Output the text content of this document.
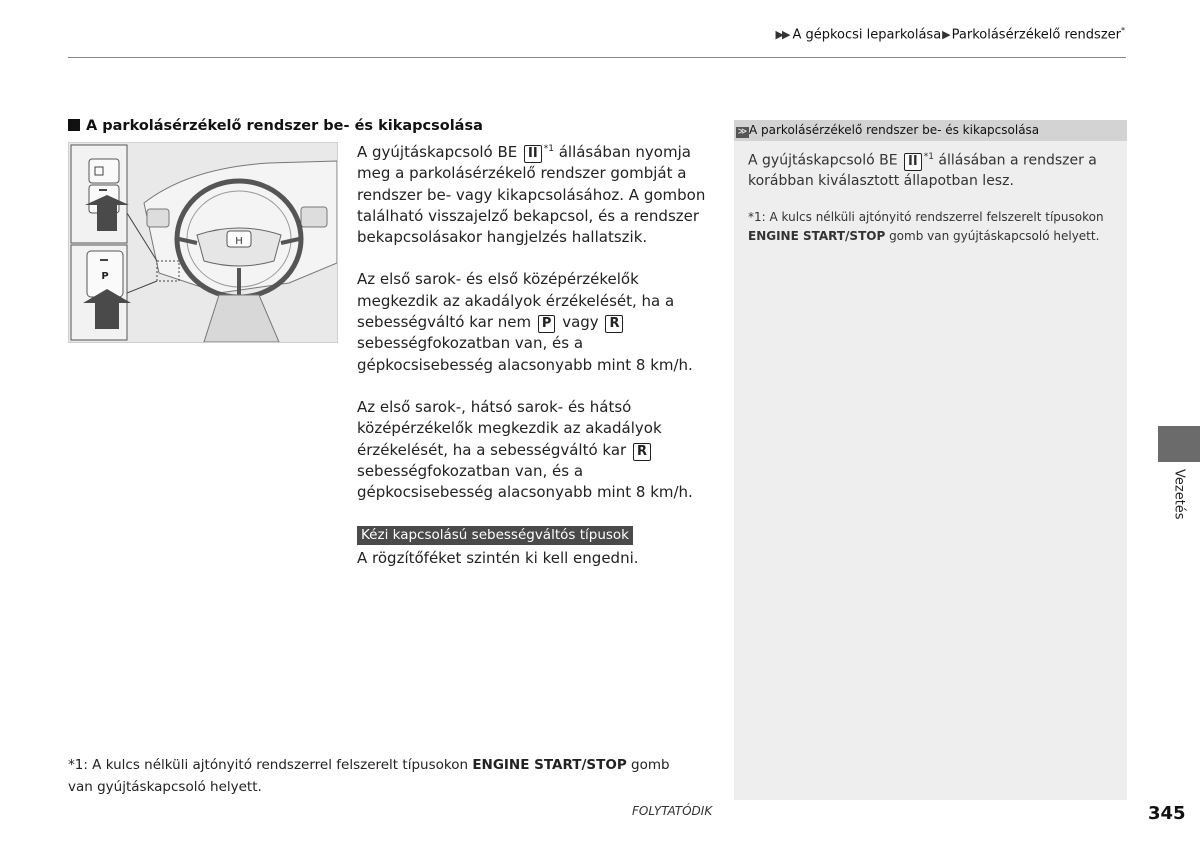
▶▶ A gépkocsi leparkolása▶Parkolásérzékelő rendszer*
A parkolásérzékelő rendszer be- és kikapcsolása
H
P

A gyújtáskapcsoló BE II $^{*1}$ állásában nyomja meg a parkolásérzékelő rendszer gombját a rendszer be- vagy kikapcsolásához. A gombon található visszajelző bekapcsol, és a rendszer bekapcsolásakor hangjelzés hallatszik.

Az első sarok- és első középérzékelők megkezdik az akadályok érzékelését, ha a sebességváltó kar nem P vagy R sebességfokozatban van, és a gépkocsisebesség alacsonyabb mint 8 km/h.

Az első sarok-, hátsó sarok- és hátsó középérzékelők megkezdik az akadályok érzékelését, ha a sebességváltó kar R sebességfokozatban van, és a gépkocsisebesség alacsonyabb mint 8 km/h.

Kézi kapcsolású sebességváltós típusok
A rögzítőféket szintén ki kell engedni.
≫ A parkolásérzékelő rendszer be- és kikapcsolása
A gyújtáskapcsoló BE II $^{*1}$ állásában a rendszer a korábban kiválasztott állapotban lesz.
*1: A kulcs nélküli ajtónyitó rendszerrel felszerelt típusokon ENGINE START/STOP gomb van gyújtáskapcsoló helyett.
*1: A kulcs nélküli ajtónyitó rendszerrel felszerelt típusokon ENGINE START/STOP gomb van gyújtáskapcsoló helyett.
FOLYTATÓDIK	345
Vezetés
